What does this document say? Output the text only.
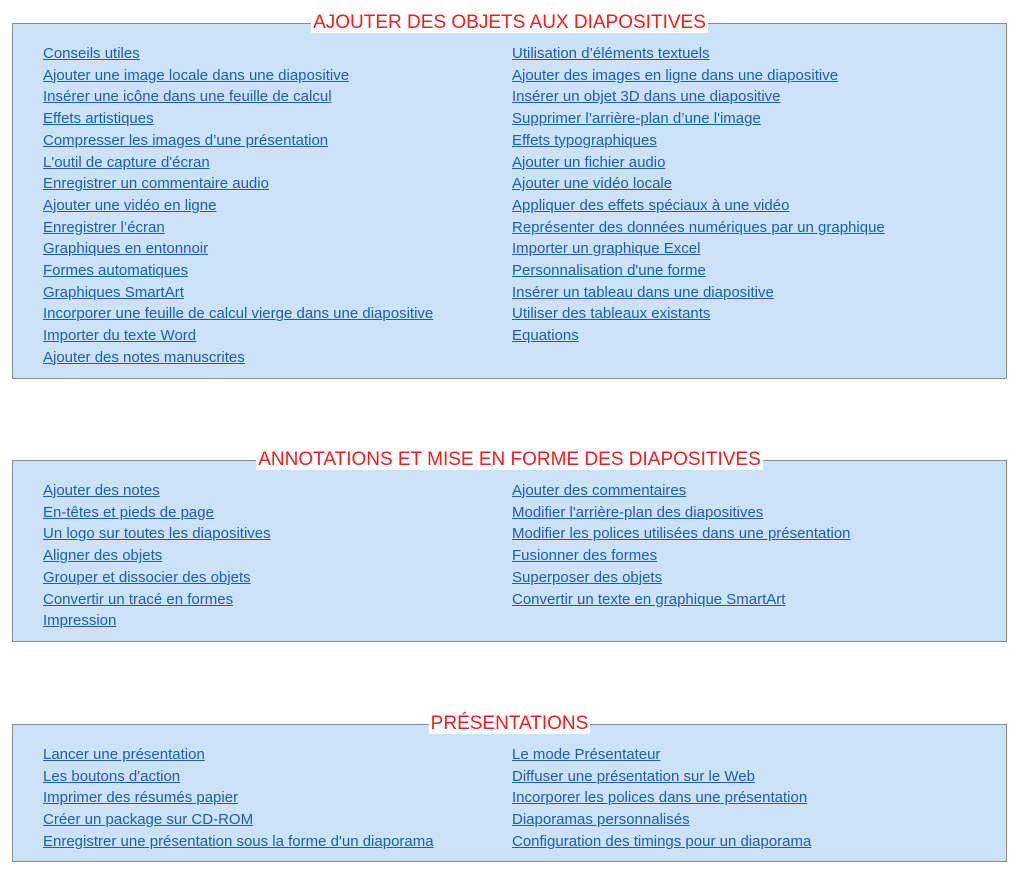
AJOUTER DES OBJETS AUX DIAPOSITIVES
Conseils utiles
Ajouter une image locale dans une diapositive
Insérer une icône dans une feuille de calcul
Effets artistiques
Compresser les images d’une présentation
L'outil de capture d'écran
Enregistrer un commentaire audio
Ajouter une vidéo en ligne
Enregistrer l’écran
Graphiques en entonnoir
Formes automatiques
Graphiques SmartArt
Incorporer une feuille de calcul vierge dans une diapositive
Importer du texte Word
Ajouter des notes manuscrites
Utilisation d’éléments textuels
Ajouter des images en ligne dans une diapositive
Insérer un objet 3D dans une diapositive
Supprimer l’arrière-plan d’une l'image
Effets typographiques
Ajouter un fichier audio
Ajouter une vidéo locale
Appliquer des effets spéciaux à une vidéo
Représenter des données numériques par un graphique
Importer un graphique Excel
Personnalisation d'une forme
Insérer un tableau dans une diapositive
Utiliser des tableaux existants
Equations
ANNOTATIONS ET MISE EN FORME DES DIAPOSITIVES
Ajouter des notes
En-têtes et pieds de page
Un logo sur toutes les diapositives
Aligner des objets
Grouper et dissocier des objets
Convertir un tracé en formes
Impression
Ajouter des commentaires
Modifier l'arrière-plan des diapositives
Modifier les polices utilisées dans une présentation
Fusionner des formes
Superposer des objets
Convertir un texte en graphique SmartArt
PRÉSENTATIONS
Lancer une présentation
Les boutons d'action
Imprimer des résumés papier
Créer un package sur CD-ROM
Enregistrer une présentation sous la forme d'un diaporama
Le mode Présentateur
Diffuser une présentation sur le Web
Incorporer les polices dans une présentation
Diaporamas personnalisés
Configuration des timings pour un diaporama
